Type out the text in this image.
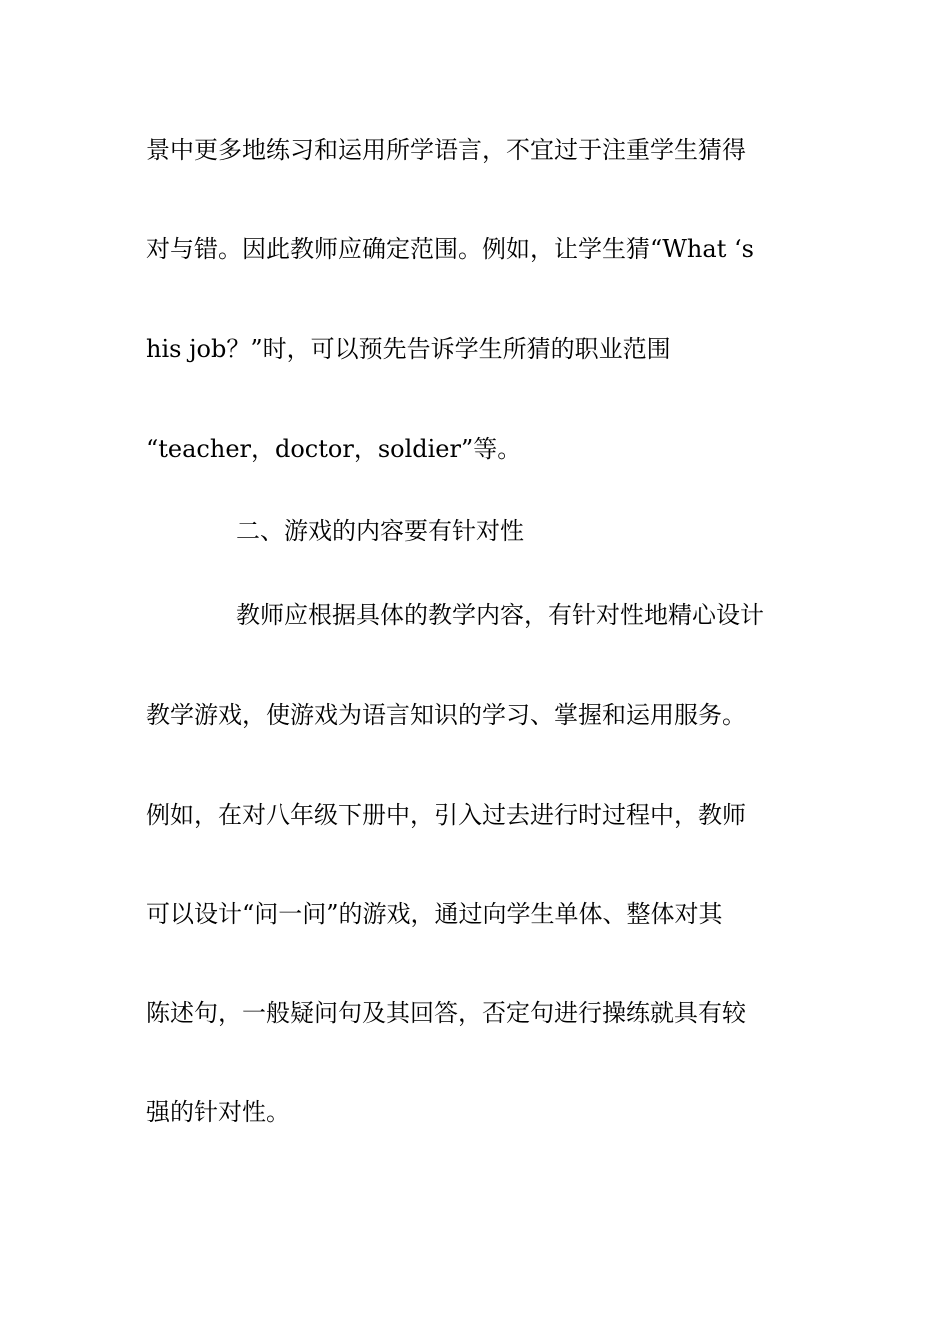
景中更多地练习和运用所学语言，不宜过于注重学生猜得
对与错。因此教师应确定范围。例如，让学生猜“What ‘s
his job？”时，可以预先告诉学生所猜的职业范围
“teacher，doctor，soldier”等。
二、游戏的内容要有针对性
教师应根据具体的教学内容，有针对性地精心设计
教学游戏，使游戏为语言知识的学习、掌握和运用服务。
例如，在对八年级下册中，引入过去进行时过程中，教师
可以设计“问一问”的游戏，通过向学生单体、整体对其
陈述句，一般疑问句及其回答，否定句进行操练就具有较
强的针对性。
